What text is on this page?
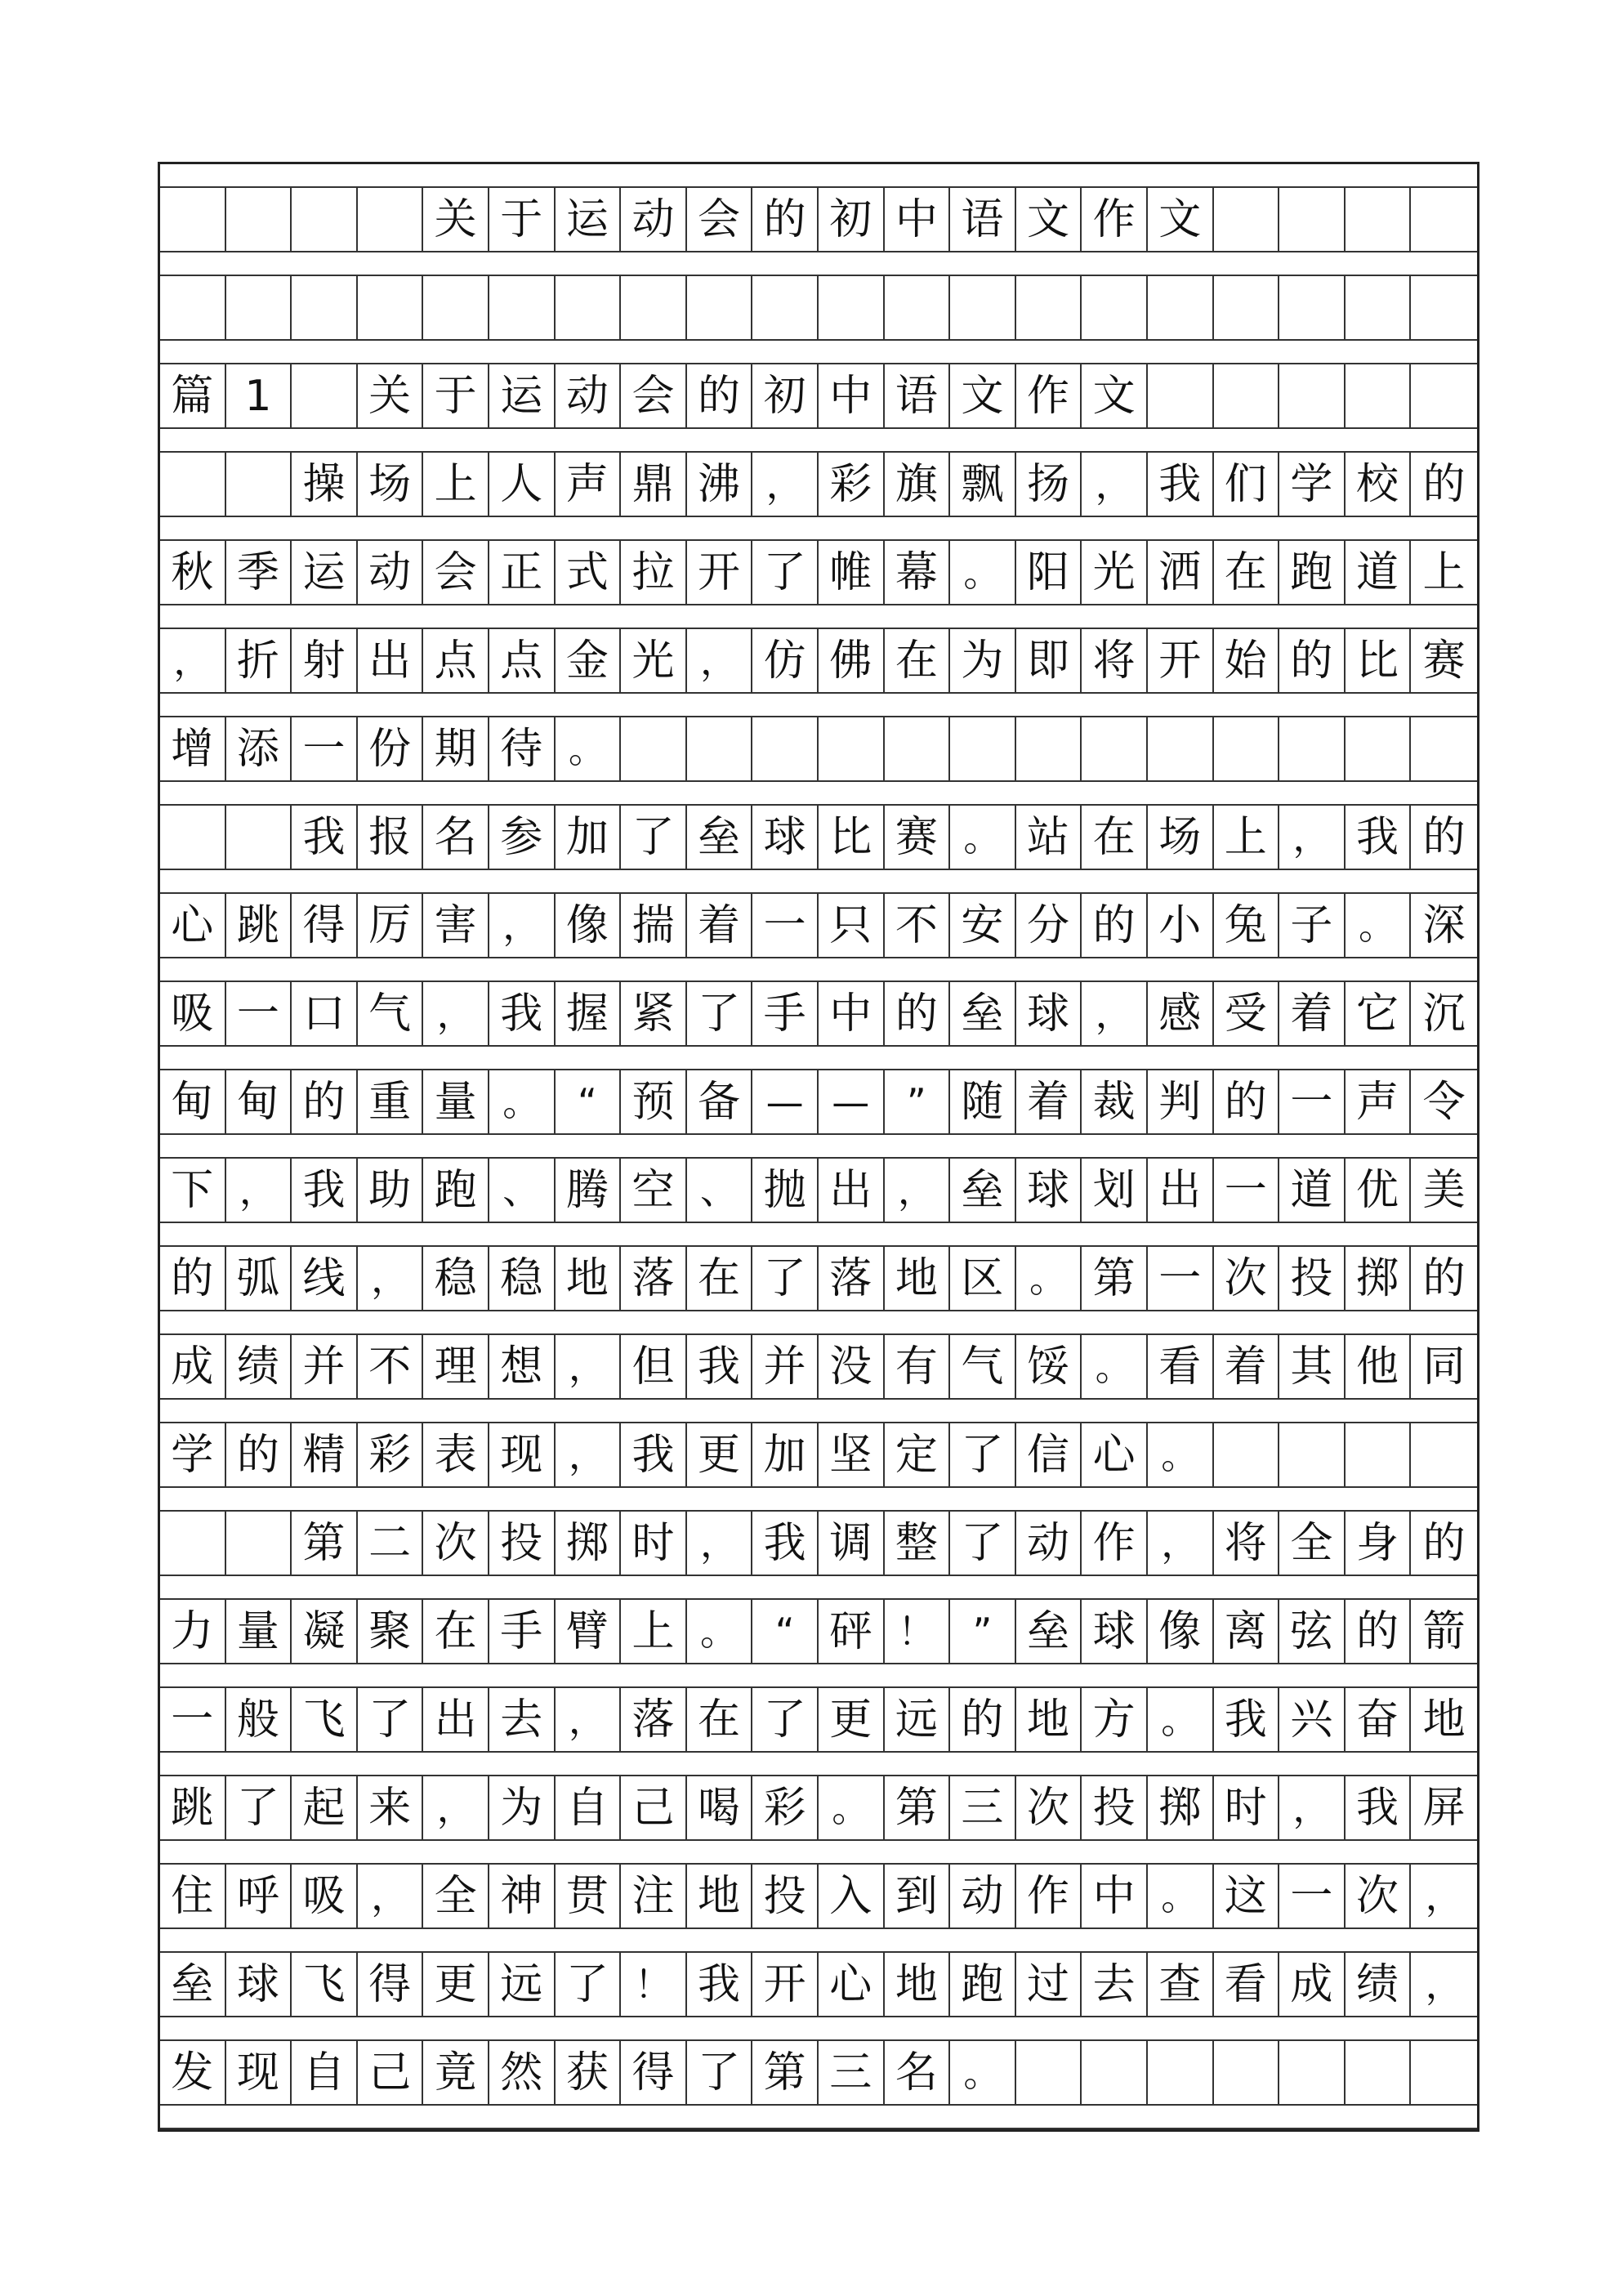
关 于 运 动 会 的 初 中 语 文 作 文
篇 1	关 于 运 动 会 的 初 中 语 文 作 文
操 场 上 人 声 鼎 沸 ， 彩 旗 飘 扬 ， 我 们 学 校 的
秋 季 运 动 会 正 式 拉 开 了 帷 幕 。 阳 光 洒 在 跑 道 上
， 折 射 出 点 点 金 光 ， 仿 佛 在 为 即 将 开 始 的 比 赛
增 添 一 份 期 待 。
我 报 名 参 加 了 垒 球 比 赛 。 站 在 场 上 ， 我 的
心 跳 得 厉 害 ， 像 揣 着 一 只 不 安 分 的 小 兔 子 。 深
吸 一 口 气 ， 我 握 紧 了 手 中 的 垒 球 ， 感 受 着 它 沉
甸 甸 的 重 量 。 “ 预 备 — — ” 随 着 裁 判 的 一 声 令
下 ， 我 助 跑 、 腾 空 、 抛 出 ， 垒 球 划 出 一 道 优 美
的 弧 线 ， 稳 稳 地 落 在 了 落 地 区 。 第 一 次 投 掷 的
成 绩 并 不 理 想 ， 但 我 并 没 有 气 馁 。 看 着 其 他 同
学 的 精 彩 表 现 ， 我 更 加 坚 定 了 信 心 。
第 二 次 投 掷 时 ， 我 调 整 了 动 作 ， 将 全 身 的
力 量 凝 聚 在 手 臂 上 。 “ 砰 ！ ” 垒 球 像 离 弦 的 箭
一 般 飞 了 出 去 ， 落 在 了 更 远 的 地 方 。 我 兴 奋 地
跳 了 起 来 ， 为 自 己 喝 彩 。 第 三 次 投 掷 时 ， 我 屏
住 呼 吸 ， 全 神 贯 注 地 投 入 到 动 作 中 。 这 一 次 ，
垒 球 飞 得 更 远 了 ！ 我 开 心 地 跑 过 去 查 看 成 绩 ，
发 现 自 己 竟 然 获 得 了 第 三 名 。
